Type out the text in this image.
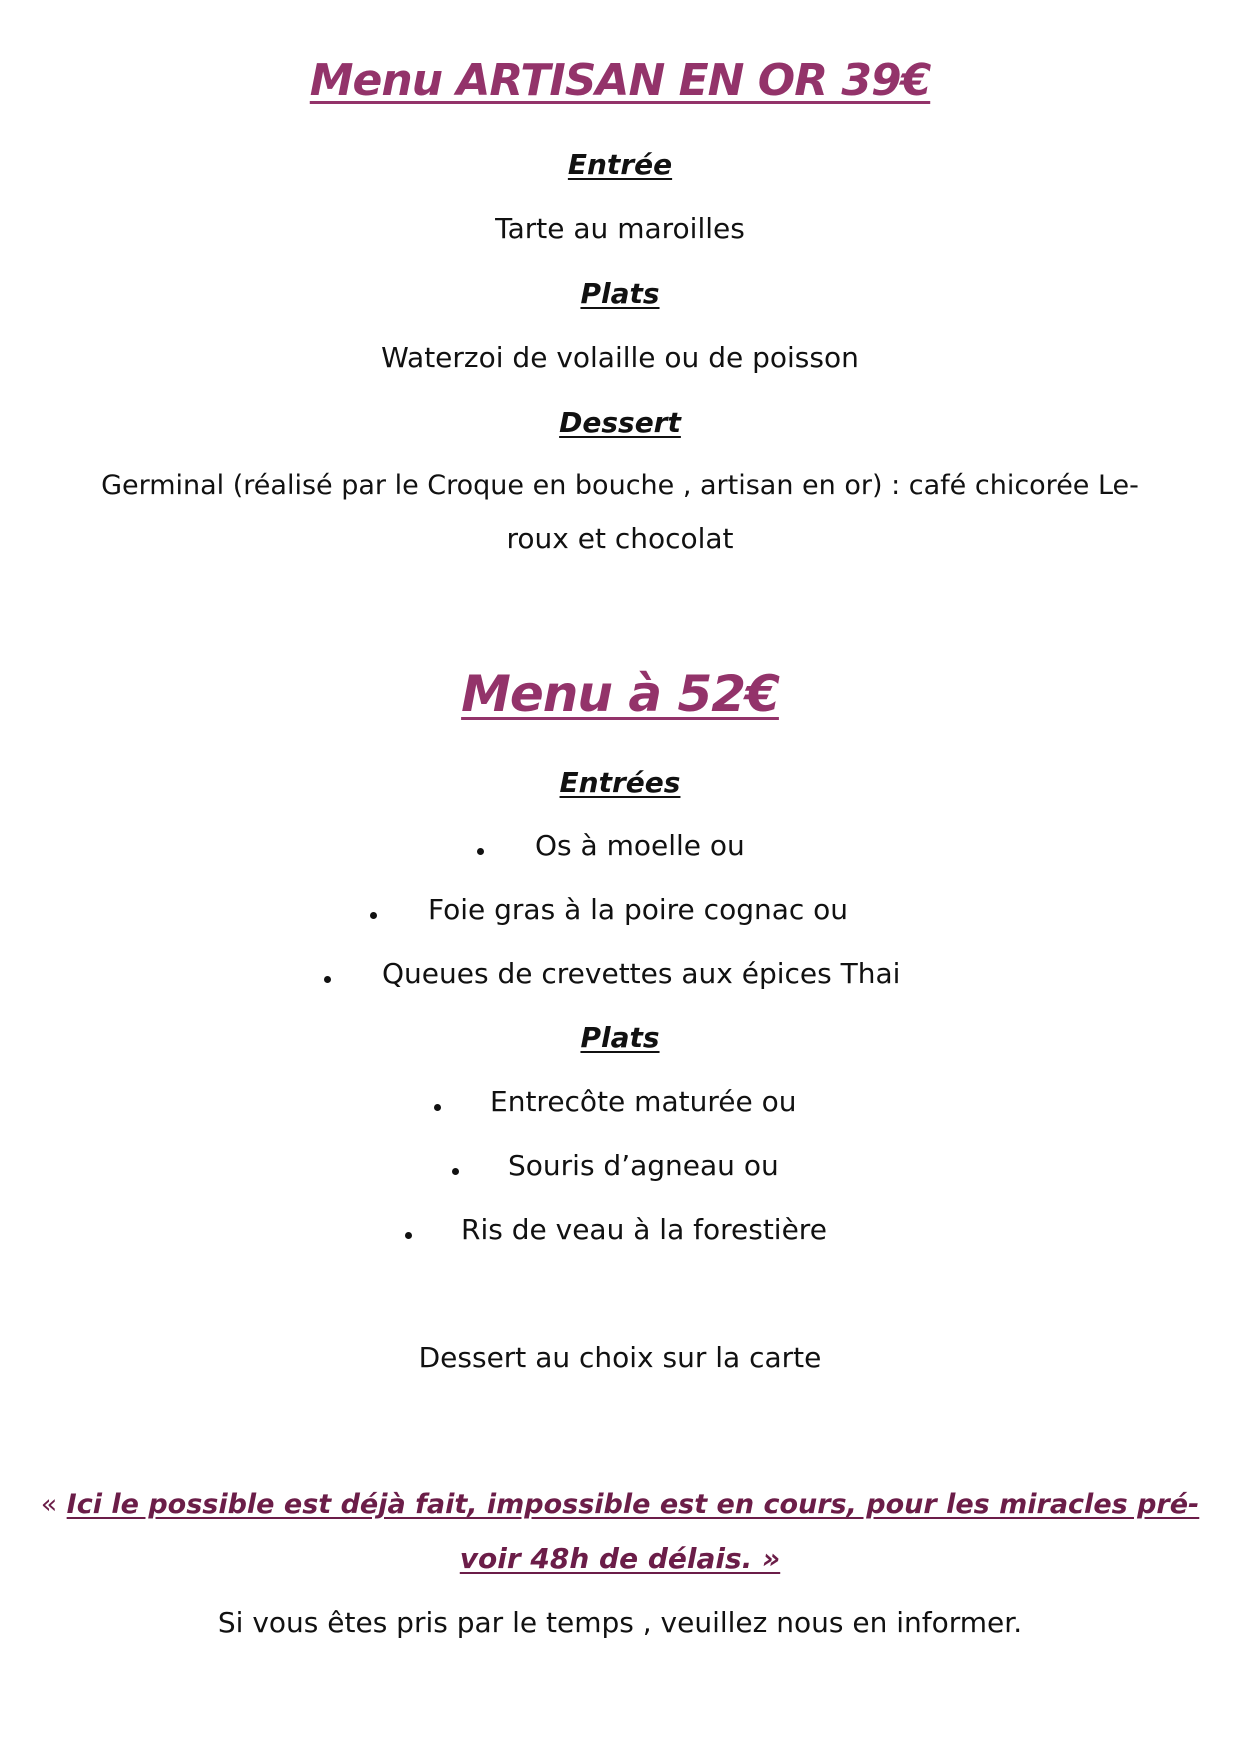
Menu ARTISAN EN OR 39€
Entrée
Tarte au maroilles
Plats
Waterzoi de volaille ou de poisson
Dessert
Germinal (réalisé par le Croque en bouche , artisan en or) : café chicorée Le-
roux et chocolat
Menu à 52€
Entrées
Os à moelle ou
Foie gras à la poire cognac ou
Queues de crevettes aux épices Thai
Plats
Entrecôte maturée ou
Souris d’agneau ou
Ris de veau à la forestière
Dessert au choix sur la carte
« Ici le possible est déjà fait, impossible est en cours, pour les miracles pré-
voir 48h de délais. »
Si vous êtes pris par le temps , veuillez nous en informer.
